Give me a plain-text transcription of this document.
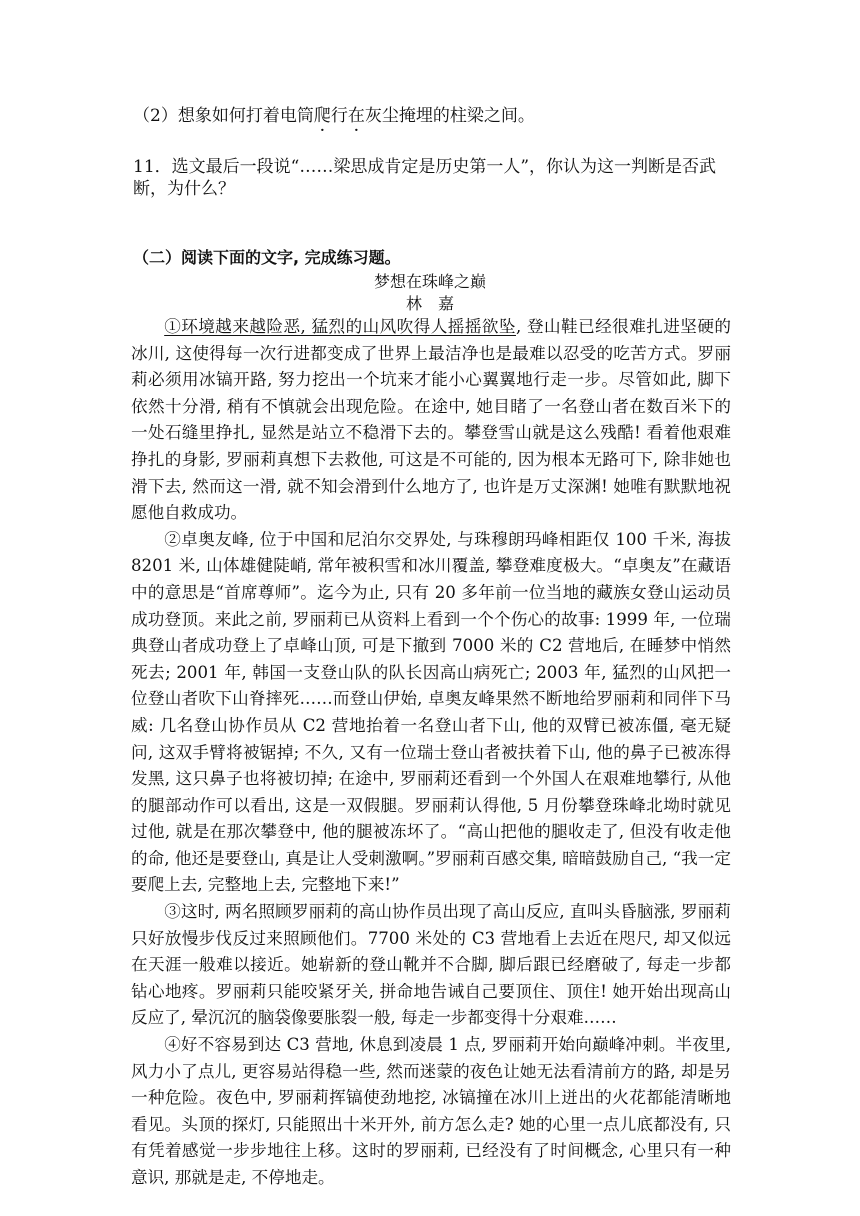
（2）想象如何打着电筒爬行在灰尘掩埋的柱梁之间。
11．选文最后一段说“……梁思成肯定是历史第一人”，你认为这一判断是否武
断，为什么？
（二）阅读下面的文字, 完成练习题。
梦想在珠峰之巅
林　嘉

①环境越来越险恶, 猛烈的山风吹得人摇摇欲坠, 登山鞋已经很难扎进坚硬的冰川, 这使得每一次行进都变成了世界上最洁净也是最难以忍受的吃苦方式。罗丽莉必须用冰镐开路, 努力挖出一个坑来才能小心翼翼地行走一步。尽管如此, 脚下依然十分滑, 稍有不慎就会出现危险。在途中, 她目睹了一名登山者在数百米下的一处石缝里挣扎, 显然是站立不稳滑下去的。攀登雪山就是这么残酷! 看着他艰难挣扎的身影, 罗丽莉真想下去救他, 可这是不可能的, 因为根本无路可下, 除非她也滑下去, 然而这一滑, 就不知会滑到什么地方了, 也许是万丈深渊! 她唯有默默地祝愿他自救成功。

②卓奥友峰, 位于中国和尼泊尔交界处, 与珠穆朗玛峰相距仅 100 千米, 海拔 8201 米, 山体雄健陡峭, 常年被积雪和冰川覆盖, 攀登难度极大。“卓奥友”在藏语中的意思是“首席尊师”。迄今为止, 只有 20 多年前一位当地的藏族女登山运动员成功登顶。来此之前, 罗丽莉已从资料上看到一个个伤心的故事: 1999 年, 一位瑞典登山者成功登上了卓峰山顶, 可是下撤到 7000 米的 C2 营地后, 在睡梦中悄然死去; 2001 年, 韩国一支登山队的队长因高山病死亡; 2003 年, 猛烈的山风把一位登山者吹下山脊摔死……而登山伊始, 卓奥友峰果然不断地给罗丽莉和同伴下马威: 几名登山协作员从 C2 营地抬着一名登山者下山, 他的双臂已被冻僵, 毫无疑问, 这双手臂将被锯掉; 不久, 又有一位瑞士登山者被扶着下山, 他的鼻子已被冻得发黑, 这只鼻子也将被切掉; 在途中, 罗丽莉还看到一个外国人在艰难地攀行, 从他的腿部动作可以看出, 这是一双假腿。罗丽莉认得他, 5 月份攀登珠峰北坳时就见过他, 就是在那次攀登中, 他的腿被冻坏了。“高山把他的腿收走了, 但没有收走他的命, 他还是要登山, 真是让人受刺激啊。”罗丽莉百感交集, 暗暗鼓励自己, “我一定要爬上去, 完整地上去, 完整地下来!”

③这时, 两名照顾罗丽莉的高山协作员出现了高山反应, 直叫头昏脑涨, 罗丽莉只好放慢步伐反过来照顾他们。7700 米处的 C3 营地看上去近在咫尺, 却又似远在天涯一般难以接近。她崭新的登山靴并不合脚, 脚后跟已经磨破了, 每走一步都钻心地疼。罗丽莉只能咬紧牙关, 拼命地告诫自己要顶住、顶住! 她开始出现高山反应了, 晕沉沉的脑袋像要胀裂一般, 每走一步都变得十分艰难……

④好不容易到达 C3 营地, 休息到凌晨 1 点, 罗丽莉开始向巅峰冲刺。半夜里, 风力小了点儿, 更容易站得稳一些, 然而迷蒙的夜色让她无法看清前方的路, 却是另一种危险。夜色中, 罗丽莉挥镐使劲地挖, 冰镐撞在冰川上迸出的火花都能清晰地看见。头顶的探灯, 只能照出十米开外, 前方怎么走? 她的心里一点儿底都没有, 只有凭着感觉一步步地往上移。这时的罗丽莉, 已经没有了时间概念, 心里只有一种意识, 那就是走, 不停地走。
